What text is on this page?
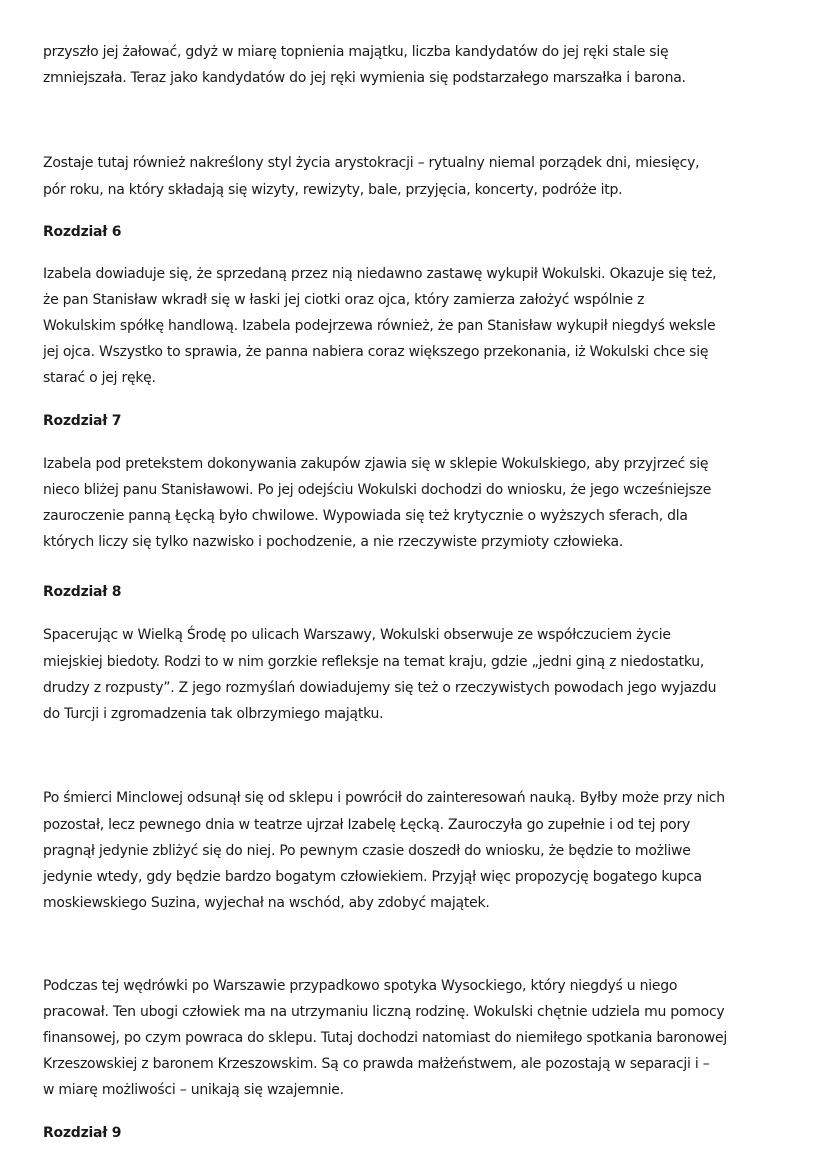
przyszło jej żałować, gdyż w miarę topnienia majątku, liczba kandydatów do jej ręki stale się
zmniejszała. Teraz jako kandydatów do jej ręki wymienia się podstarzałego marszałka i barona.
Zostaje tutaj również nakreślony styl życia arystokracji – rytualny niemal porządek dni, miesięcy,
pór roku, na który składają się wizyty, rewizyty, bale, przyjęcia, koncerty, podróże itp.
Rozdział 6
Izabela dowiaduje się, że sprzedaną przez nią niedawno zastawę wykupił Wokulski. Okazuje się też,
że pan Stanisław wkradł się w łaski jej ciotki oraz ojca, który zamierza założyć wspólnie z
Wokulskim spółkę handlową. Izabela podejrzewa również, że pan Stanisław wykupił niegdyś weksle
jej ojca. Wszystko to sprawia, że panna nabiera coraz większego przekonania, iż Wokulski chce się
starać o jej rękę.
Rozdział 7
Izabela pod pretekstem dokonywania zakupów zjawia się w sklepie Wokulskiego, aby przyjrzeć się
nieco bliżej panu Stanisławowi. Po jej odejściu Wokulski dochodzi do wniosku, że jego wcześniejsze
zauroczenie panną Łęcką było chwilowe. Wypowiada się też krytycznie o wyższych sferach, dla
których liczy się tylko nazwisko i pochodzenie, a nie rzeczywiste przymioty człowieka.
Rozdział 8
Spacerując w Wielką Środę po ulicach Warszawy, Wokulski obserwuje ze współczuciem życie
miejskiej biedoty. Rodzi to w nim gorzkie refleksje na temat kraju, gdzie „jedni giną z niedostatku,
drudzy z rozpusty”. Z jego rozmyślań dowiadujemy się też o rzeczywistych powodach jego wyjazdu
do Turcji i zgromadzenia tak olbrzymiego majątku.
Po śmierci Minclowej odsunął się od sklepu i powrócił do zainteresowań nauką. Byłby może przy nich
pozostał, lecz pewnego dnia w teatrze ujrzał Izabelę Łęcką. Zauroczyła go zupełnie i od tej pory
pragnął jedynie zbliżyć się do niej. Po pewnym czasie doszedł do wniosku, że będzie to możliwe
jedynie wtedy, gdy będzie bardzo bogatym człowiekiem. Przyjął więc propozycję bogatego kupca
moskiewskiego Suzina, wyjechał na wschód, aby zdobyć majątek.
Podczas tej wędrówki po Warszawie przypadkowo spotyka Wysockiego, który niegdyś u niego
pracował. Ten ubogi człowiek ma na utrzymaniu liczną rodzinę. Wokulski chętnie udziela mu pomocy
finansowej, po czym powraca do sklepu. Tutaj dochodzi natomiast do niemiłego spotkania baronowej
Krzeszowskiej z baronem Krzeszowskim. Są co prawda małżeństwem, ale pozostają w separacji i –
w miarę możliwości – unikają się wzajemnie.
Rozdział 9
